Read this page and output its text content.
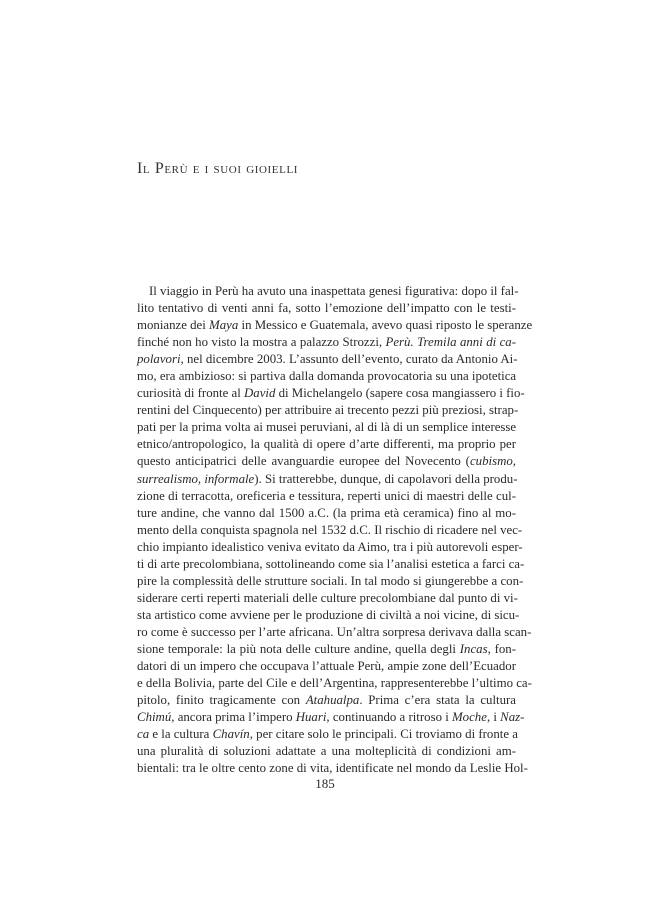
Il Perù e i suoi gioielli
Il viaggio in Perù ha avuto una inaspettata genesi figurativa: dopo il fal-
lito tentativo di venti anni fa, sotto l’emozione dell’impatto con le testi-
monianze dei Maya in Messico e Guatemala, avevo quasi riposto le speranze
finché non ho visto la mostra a palazzo Strozzi, Perù. Tremila anni di ca-
polavori, nel dicembre 2003. L’assunto dell’evento, curato da Antonio Ai-
mo, era ambizioso: si partiva dalla domanda provocatoria su una ipotetica
curiosità di fronte al David di Michelangelo (sapere cosa mangiassero i fio-
rentini del Cinquecento) per attribuire ai trecento pezzi più preziosi, strap-
pati per la prima volta ai musei peruviani, al di là di un semplice interesse
etnico/antropologico, la qualità di opere d’arte differenti, ma proprio per
questo anticipatrici delle avanguardie europee del Novecento (cubismo,
surrealismo, informale). Si tratterebbe, dunque, di capolavori della produ-
zione di terracotta, oreficeria e tessitura, reperti unici di maestri delle cul-
ture andine, che vanno dal 1500 a.C. (la prima età ceramica) fino al mo-
mento della conquista spagnola nel 1532 d.C. Il rischio di ricadere nel vec-
chio impianto idealistico veniva evitato da Aimo, tra i più autorevoli esper-
ti di arte precolombiana, sottolineando come sia l’analisi estetica a farci ca-
pire la complessità delle strutture sociali. In tal modo si giungerebbe a con-
siderare certi reperti materiali delle culture precolombiane dal punto di vi-
sta artistico come avviene per le produzione di civiltà a noi vicine, di sicu-
ro come è successo per l’arte africana. Un’altra sorpresa derivava dalla scan-
sione temporale: la più nota delle culture andine, quella degli Incas, fon-
datori di un impero che occupava l’attuale Perù, ampie zone dell’Ecuador
e della Bolivia, parte del Cile e dell’Argentina, rappresenterebbe l’ultimo ca-
pitolo, finito tragicamente con Atahualpa. Prima c’era stata la cultura
Chimú, ancora prima l’impero Huari, continuando a ritroso i Moche, i Naz-
ca e la cultura Chavín, per citare solo le principali. Ci troviamo di fronte a
una pluralità di soluzioni adattate a una molteplicità di condizioni am-
bientali: tra le oltre cento zone di vita, identificate nel mondo da Leslie Hol-
185
